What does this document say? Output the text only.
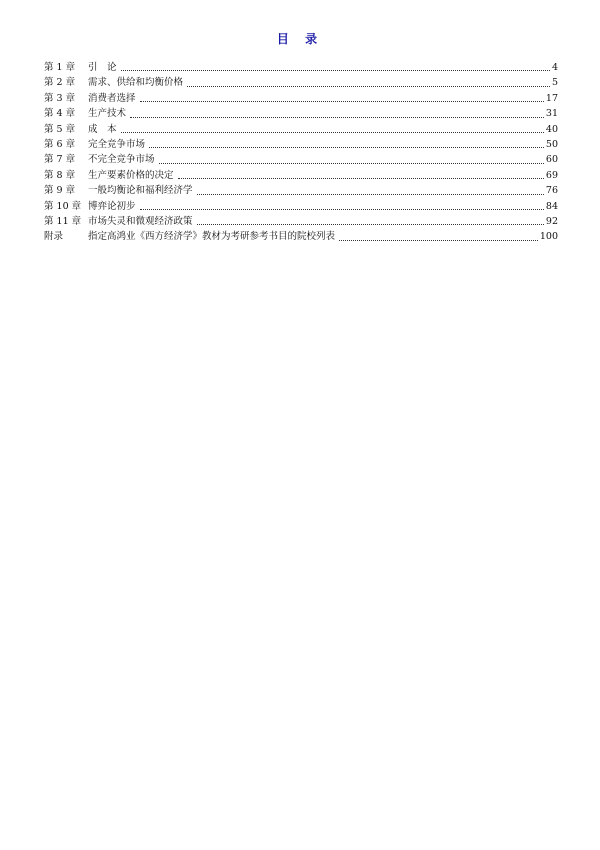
目 录
第 1 章	引　论	4
第 2 章	需求、供给和均衡价格	5
第 3 章	消费者选择	17
第 4 章	生产技术	31
第 5 章	成　本	40
第 6 章	完全竞争市场	50
第 7 章	不完全竞争市场	60
第 8 章	生产要素价格的决定	69
第 9 章	一般均衡论和福利经济学	76
第 10 章 博弈论初步	84
第 11 章 市场失灵和微观经济政策	92
附录	指定高鸿业《西方经济学》教材为考研参考书目的院校列表	100
